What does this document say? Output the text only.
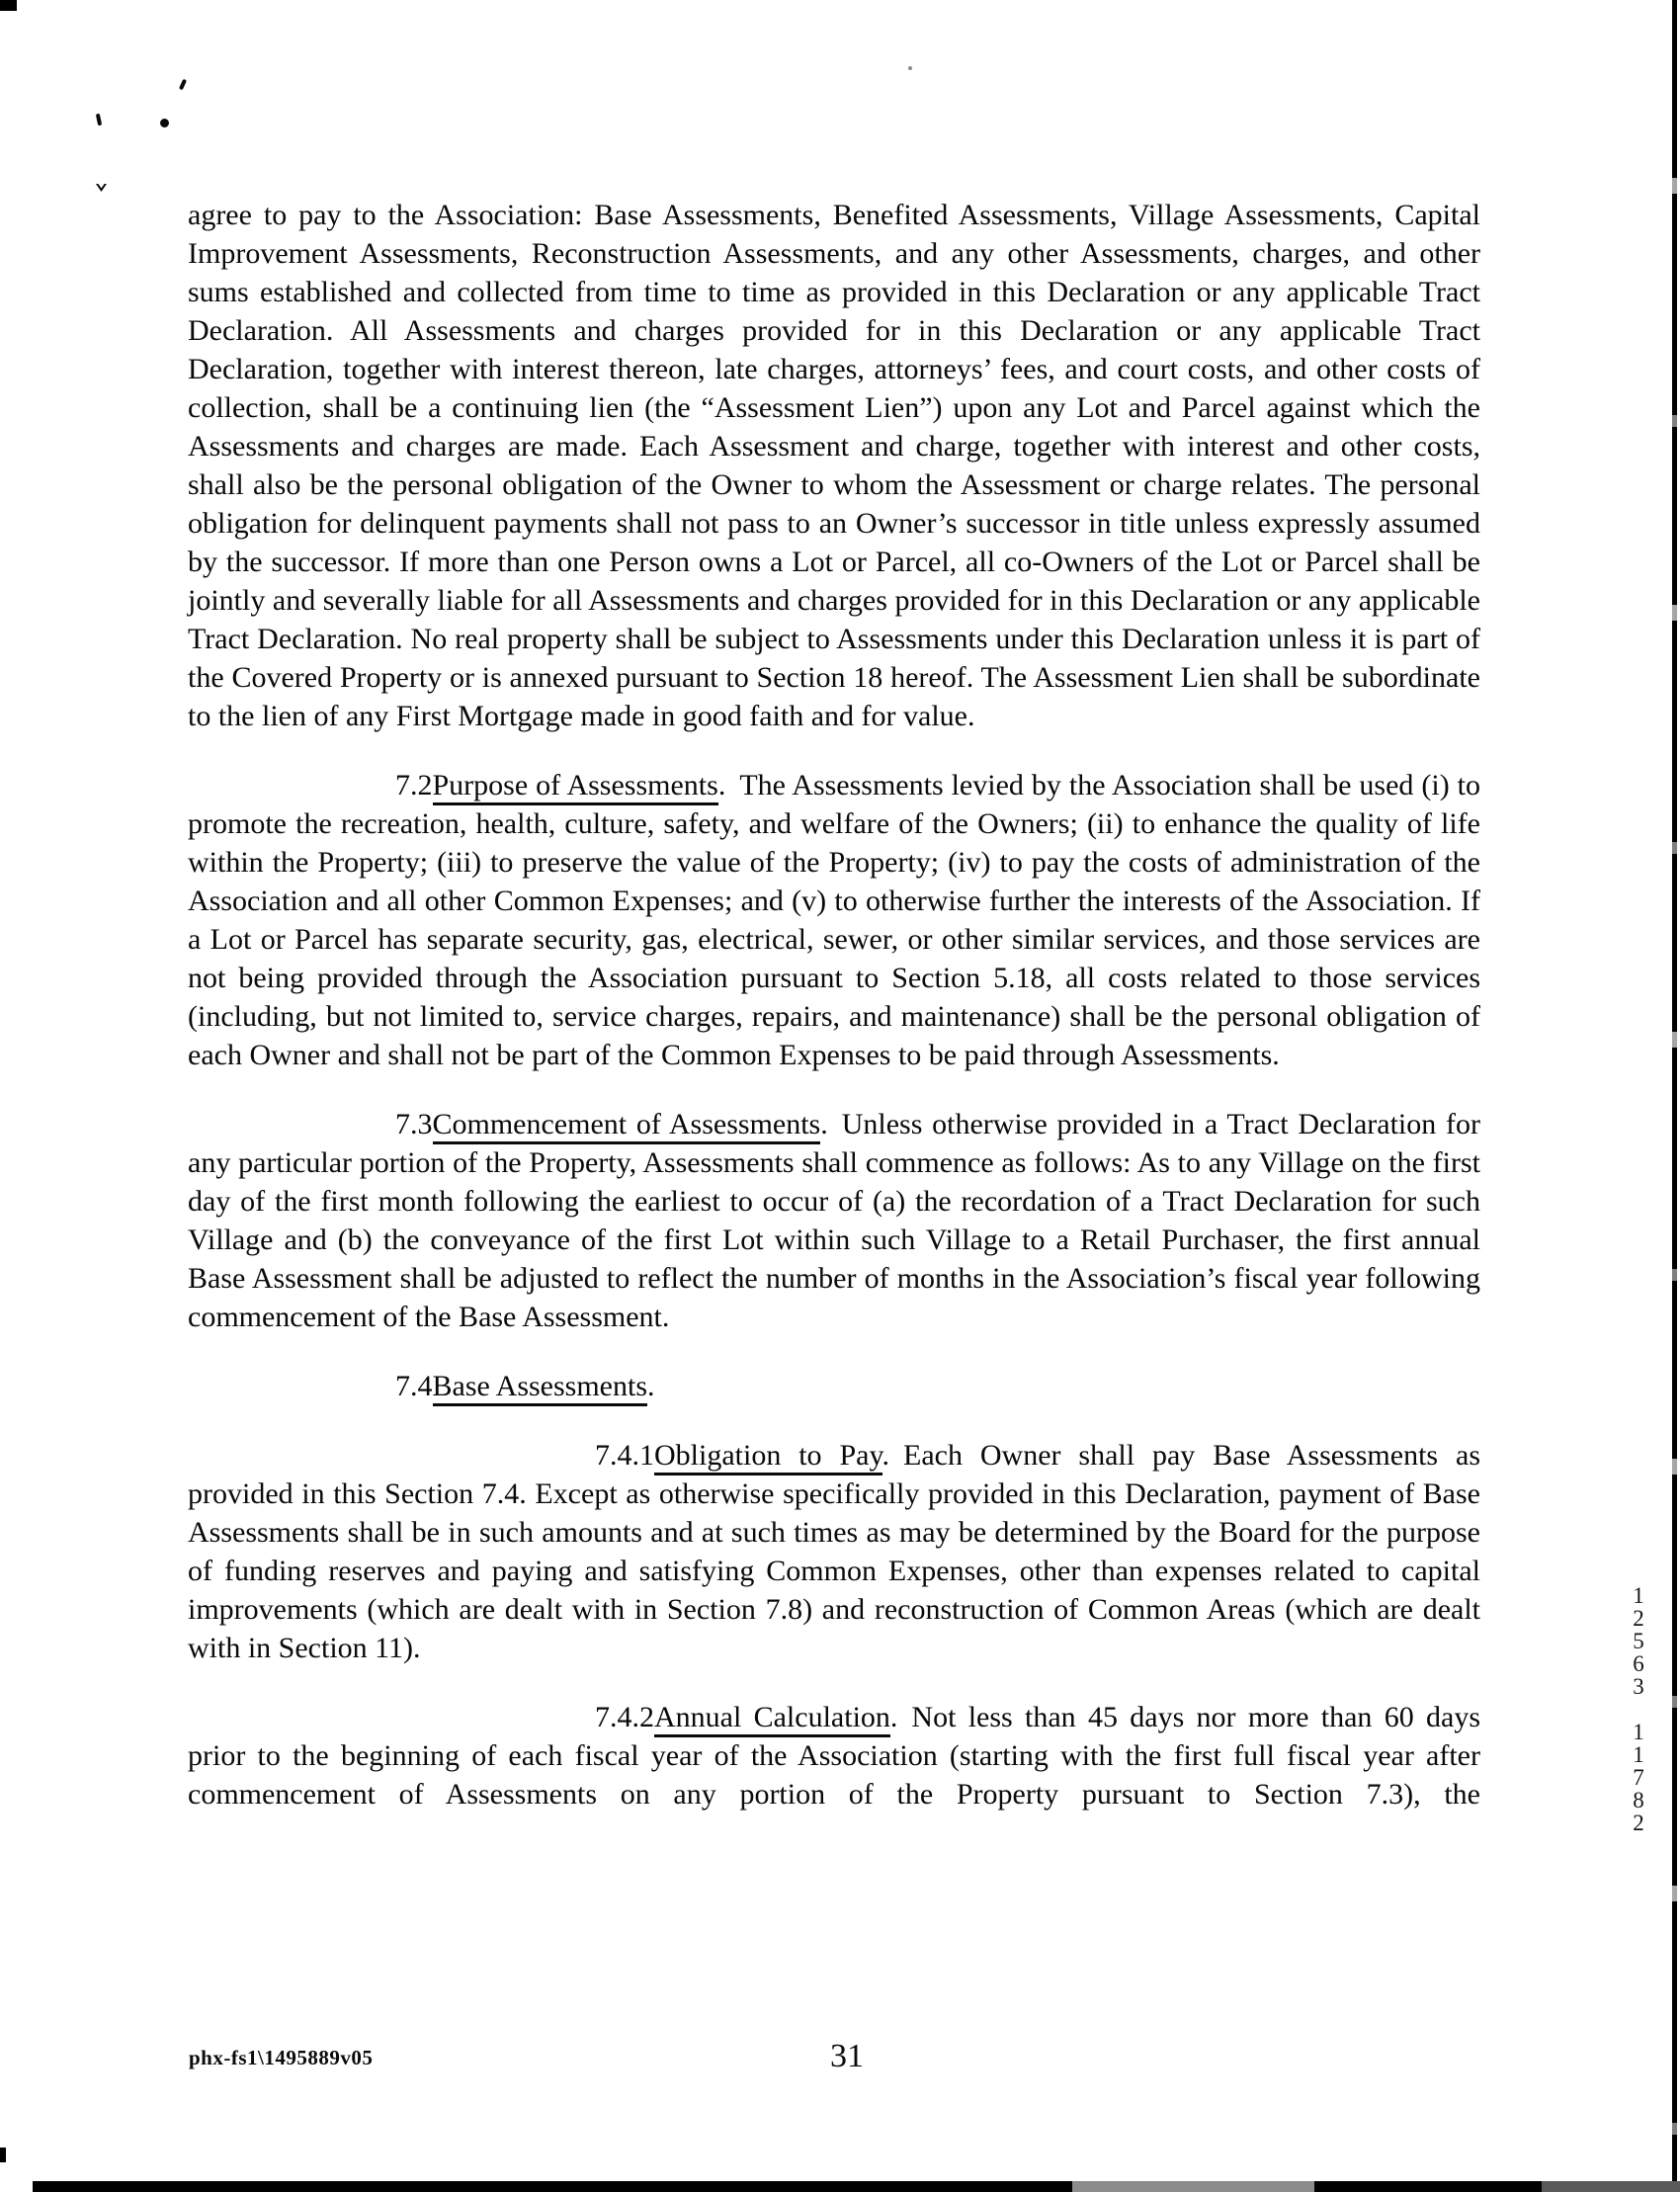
agree to pay to the Association: Base Assessments, Benefited Assessments, Village Assessments, Capital Improvement Assessments, Reconstruction Assessments, and any other Assessments, charges, and other sums established and collected from time to time as provided in this Declaration or any applicable Tract Declaration. All Assessments and charges provided for in this Declaration or any applicable Tract Declaration, together with interest thereon, late charges, attorneys’ fees, and court costs, and other costs of collection, shall be a continuing lien (the “Assessment Lien”) upon any Lot and Parcel against which the Assessments and charges are made. Each Assessment and charge, together with interest and other costs, shall also be the personal obligation of the Owner to whom the Assessment or charge relates. The personal obligation for delinquent payments shall not pass to an Owner’s successor in title unless expressly assumed by the successor. If more than one Person owns a Lot or Parcel, all co-Owners of the Lot or Parcel shall be jointly and severally liable for all Assessments and charges provided for in this Declaration or any applicable Tract Declaration. No real property shall be subject to Assessments under this Declaration unless it is part of the Covered Property or is annexed pursuant to Section 18 hereof. The Assessment Lien shall be subordinate to the lien of any First Mortgage made in good faith and for value.

7.2Purpose of Assessments. The Assessments levied by the Association shall be used (i) to promote the recreation, health, culture, safety, and welfare of the Owners; (ii) to enhance the quality of life within the Property; (iii) to preserve the value of the Property; (iv) to pay the costs of administration of the Association and all other Common Expenses; and (v) to otherwise further the interests of the Association. If a Lot or Parcel has separate security, gas, electrical, sewer, or other similar services, and those services are not being provided through the Association pursuant to Section 5.18, all costs related to those services (including, but not limited to, service charges, repairs, and maintenance) shall be the personal obligation of each Owner and shall not be part of the Common Expenses to be paid through Assessments.

7.3Commencement of Assessments. Unless otherwise provided in a Tract Declaration for any particular portion of the Property, Assessments shall commence as follows: As to any Village on the first day of the first month following the earliest to occur of (a) the recordation of a Tract Declaration for such Village and (b) the conveyance of the first Lot within such Village to a Retail Purchaser, the first annual Base Assessment shall be adjusted to reflect the number of months in the Association’s fiscal year following commencement of the Base Assessment.

7.4Base Assessments.

7.4.1Obligation to Pay. Each Owner shall pay Base Assessments as provided in this Section 7.4. Except as otherwise specifically provided in this Declaration, payment of Base Assessments shall be in such amounts and at such times as may be determined by the Board for the purpose of funding reserves and paying and satisfying Common Expenses, other than expenses related to capital improvements (which are dealt with in Section 7.8) and reconstruction of Common Areas (which are dealt with in Section 11).

7.4.2Annual Calculation. Not less than 45 days nor more than 60 days prior to the beginning of each fiscal year of the Association (starting with the first full fiscal year after commencement of Assessments on any portion of the Property pursuant to Section 7.3), the

phx-fs1\1495889v05	31
12563
11782
